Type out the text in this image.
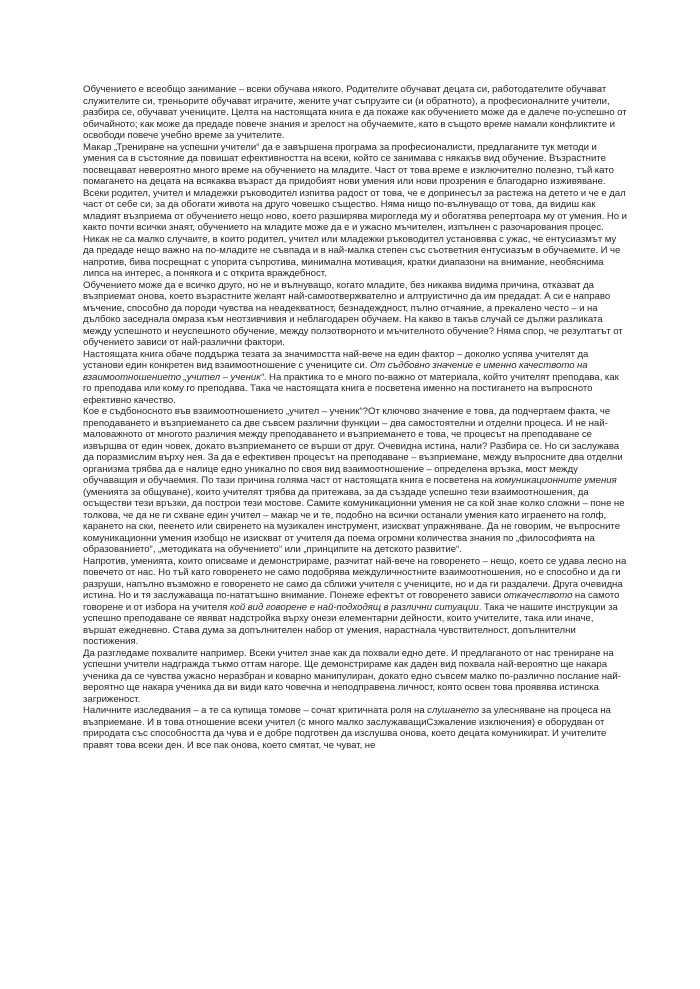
Обучението е всеобщо занимание – всеки обучава някого. Родителите обучават децата си, работодателите обучават служителите си, треньорите обучават играчите, жените учат съпрузите си (и обратното), а професионалните учители, разбира се, обучават учениците. Целта на настоящата книга е да покаже как обучението може да е далече по-успешно от обичайното; как може да предаде повече знания и зрелост на обучаемите, като в същото време намали конфликтите и освободи повече учебно време за учителите.

Макар „Трениране на успешни учители“ да е завършена програма за професионалисти, предлаганите тук методи и умения са в състояние да повишат ефективността на всеки, който се занимава с някакъв вид обучение. Възрастните посвещават невероятно много време на обучението на младите. Част от това време е изключително полезно, тъй като помагането на децата на всякаква възраст да придобият нови умения или нови прозрения е благодарно изживяване. Всеки родител, учител и младежки ръководител изпитва радост от това, че е допринесъл за растежа на детето и че е дал част от себе си, за да обогати живота на друго човешко същество. Няма нищо по-вълнуващо от това, да видиш как младият възприема от обучението нещо ново, което разширява мирогледа му и обогатява репертоара му от умения. Но и както почти всички знаят, обучението на младите може да е и ужасно мъчителен, изпълнен с разочарования процес. Никак не са малко случаите, в които родител, учител или младежки ръководител установява с ужас, че ентусиазмът му да предаде нещо важно на по-младите не съвпада и в най-малка степен със съответния ентусиазъм в обучаемите. И че напротив, бива посрещнат с упорита съпротива, минимална мотивация, кратки диапазони на внимание, необяснима липса на интерес, а понякога и с открита враждебност.

Обучението може да е всичко друго, но не и вълнуващо, когато младите, без никаква видима причина, отказват да възприемат онова, което възрастните желаят най-самоотвержвателно и алтруистично да им предадат. А си е направо мъчение, способно да породи чувства на неадекватност, безнадеждност, пълно отчаяние, а прекалено често – и на дълбоко заседнала омраза към неотзивчивия и неблагодарен обучаем. На какво в такъв случай се дължи разликата между успешното и неуспешното обучение, между ползотворното и мъчителното обучение? Няма спор, че резултатът от обучението зависи от най-различни фактори.

Настоящата книга обаче поддържа тезата за значимостта най-вече на един фактор – доколко успява учителят да установи един конкретен вид взаимоотношение с учениците си. От съдбовно значение е именно качеството на взаимоотношението „учител – ученик“. На практика то е много по-важно от материала, който учителят преподава, как го преподава или кому го преподава. Така че настоящата книга е посветена именно на постигането на въпросното ефективно качество.

Кое е съдбоносното във взаимоотношението „учител – ученик“?От ключово значение е това, да подчертаем факта, че преподаването и възприемането са две съвсем различни функции – два самостоятелни и отделни процеса. И не най-маловажното от многото различия между преподаването и възприемането е това, че процесът на преподаване се извършва от един човек, докато възприемането се върши от друг. Очевидна истина, нали? Разбира се. Но си заслужава да поразмислим върху нея. За да е ефективен процесът на преподаване – възприемане, между въпросните два отделни организма трябва да е налице едно уникално по своя вид взаимоотношение – определена връзка, мост между обучаващия и обучаемия. По тази причина голяма част от настоящата книга е посветена на комуникационните умения (уменията за общуване), които учителят трябва да притежава, за да създаде успешно тези взаимоотношения, да осъществи тези връзки, да построи тези мостове. Самите комуникационни умения не са кой знае колко сложни – поне не толкова, че да не ги схване един учител – макар че и те, подобно на всички останали умения като играенето на голф, карането на ски, пеенето или свиренето на музикален инструмент, изискват упражняване. Да не говорим, че въпросните комуникационни умения изобщо не изискват от учителя да поема огромни количества знания по „философията на образованието“, „методиката на обучението“ или „принципите на детското развитие“.

Напротив, уменията, които описваме и демонстрираме, разчитат най-вече на говоренето – нещо, което се удава лесно на повечето от нас. Но тъй като говоренето не само подобрява междуличностните взаимоотношения, но е способно и да ги разруши, напълно възможно е говоренето не само да сближи учителя с учениците, но и да ги раздалечи. Друга очевидна истина. Но и тя заслужаваща по-нататъшно внимание. Понеже ефектът от говоренето зависи откачеството на самото говорене и от избора на учителя кой вид говорене е най-подходящ в различни ситуации. Така че нашите инструкции за успешно преподаване се явяват надстройка върху онези елементарни дейности, които учителите, така или иначе, вършат ежедневно. Става дума за допълнителен набор от умения, нарастнала чувствителност, допълнителни постижения.

Да разгледаме похвалите например. Всеки учител знае как да похвали едно дете. И предлаганото от нас трениране на успешни учители надгражда тъкмо оттам нагоре. Ще демонстрираме как даден вид похвала най-вероятно ще накара ученика да се чувства ужасно неразбран и коварно манипулиран, докато едно съвсем малко по-различно послание най-вероятно ще накара ученика да ви види като човечна и неподправена личност, която освен това проявява истинска загриженост.

Наличните изследвания – а те са купища томове – сочат критичната роля на слушането за улесняване на процеса на възприемане. И в това отношение всеки учител (с много малко заслужаващиСзжалениe изключения) е оборудван от природата със способността да чува и е добре подготвен да изслушва онова, което децата комуникират. И учителите правят това всеки ден. И все пак онова, което смятат, че чуват, не
